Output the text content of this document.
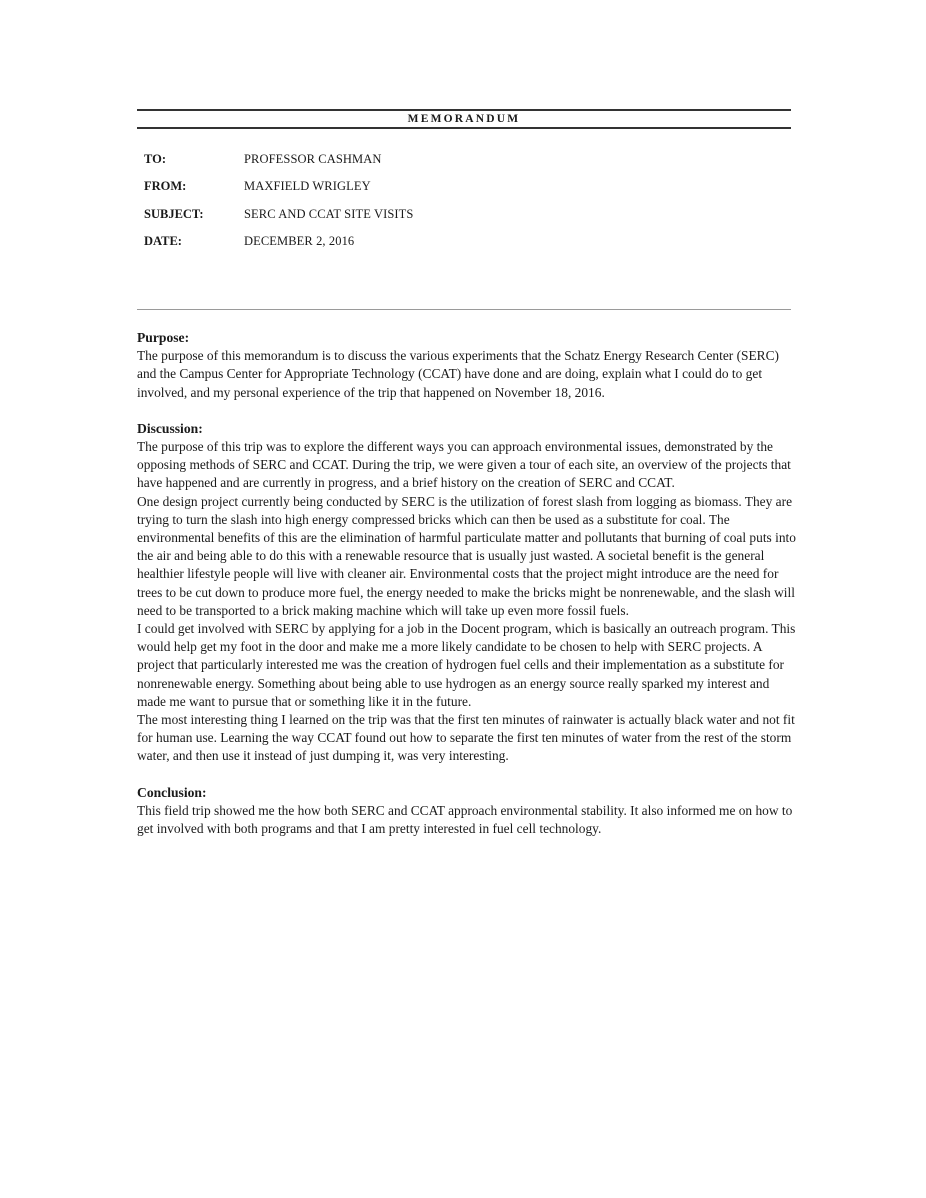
MEMORANDUM
TO:	PROFESSOR CASHMAN
FROM:	MAXFIELD WRIGLEY
SUBJECT:	SERC AND CCAT SITE VISITS
DATE:	DECEMBER 2, 2016

Purpose:

The purpose of this memorandum is to discuss the various experiments that the Schatz Energy Research Center (SERC) and the Campus Center for Appropriate Technology (CCAT) have done and are doing, explain what I could do to get involved, and my personal experience of the trip that happened on November 18, 2016.

Discussion:

The purpose of this trip was to explore the different ways you can approach environmental issues, demonstrated by the opposing methods of SERC and CCAT. During the trip, we were given a tour of each site, an overview of the projects that have happened and are currently in progress, and a brief history on the creation of SERC and CCAT.

One design project currently being conducted by SERC is the utilization of forest slash from logging as biomass. They are trying to turn the slash into high energy compressed bricks which can then be used as a substitute for coal. The environmental benefits of this are the elimination of harmful particulate matter and pollutants that burning of coal puts into the air and being able to do this with a renewable resource that is usually just wasted. A societal benefit is the general healthier lifestyle people will live with cleaner air. Environmental costs that the project might introduce are the need for trees to be cut down to produce more fuel, the energy needed to make the bricks might be nonrenewable, and the slash will need to be transported to a brick making machine which will take up even more fossil fuels.

I could get involved with SERC by applying for a job in the Docent program, which is basically an outreach program. This would help get my foot in the door and make me a more likely candidate to be chosen to help with SERC projects. A project that particularly interested me was the creation of hydrogen fuel cells and their implementation as a substitute for nonrenewable energy. Something about being able to use hydrogen as an energy source really sparked my interest and made me want to pursue that or something like it in the future.

The most interesting thing I learned on the trip was that the first ten minutes of rainwater is actually black water and not fit for human use. Learning the way CCAT found out how to separate the first ten minutes of water from the rest of the storm water, and then use it instead of just dumping it, was very interesting.

Conclusion:

This field trip showed me the how both SERC and CCAT approach environmental stability. It also informed me on how to get involved with both programs and that I am pretty interested in fuel cell technology.
